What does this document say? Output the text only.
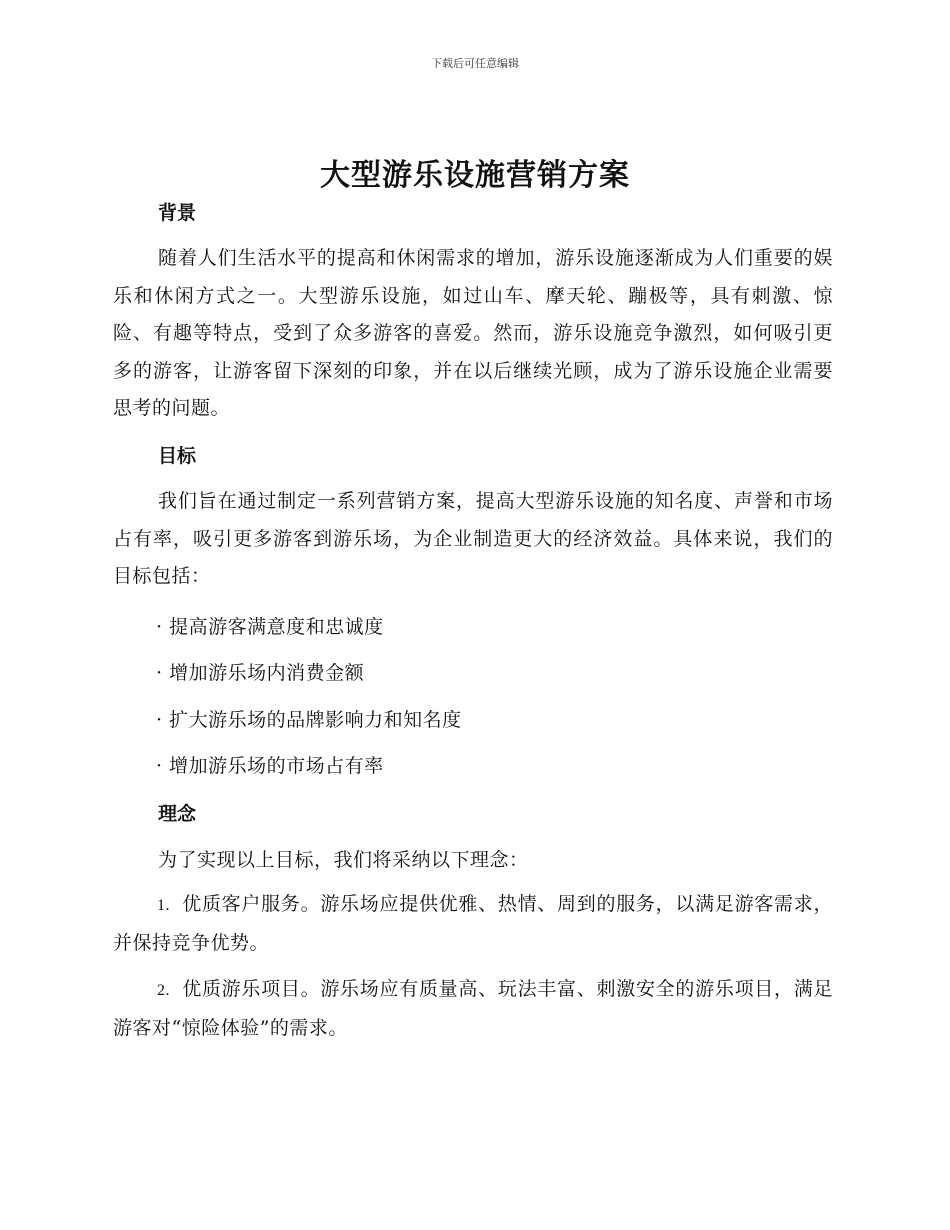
下载后可任意编辑
大型游乐设施营销方案
背景
随着人们生活水平的提高和休闲需求的增加，游乐设施逐渐成为人们重要的娱乐和休闲方式之一。大型游乐设施，如过山车、摩天轮、蹦极等，具有刺激、惊险、有趣等特点，受到了众多游客的喜爱。然而，游乐设施竞争激烈，如何吸引更多的游客，让游客留下深刻的印象，并在以后继续光顾，成为了游乐设施企业需要思考的问题。
目标
我们旨在通过制定一系列营销方案，提高大型游乐设施的知名度、声誉和市场占有率，吸引更多游客到游乐场，为企业制造更大的经济效益。具体来说，我们的目标包括：
· 提高游客满意度和忠诚度
· 增加游乐场内消费金额
· 扩大游乐场的品牌影响力和知名度
· 增加游乐场的市场占有率
理念
为了实现以上目标，我们将采纳以下理念：
1. 优质客户服务。游乐场应提供优雅、热情、周到的服务，以满足游客需求，并保持竞争优势。
2. 优质游乐项目。游乐场应有质量高、玩法丰富、刺激安全的游乐项目，满足游客对“惊险体验”的需求。
